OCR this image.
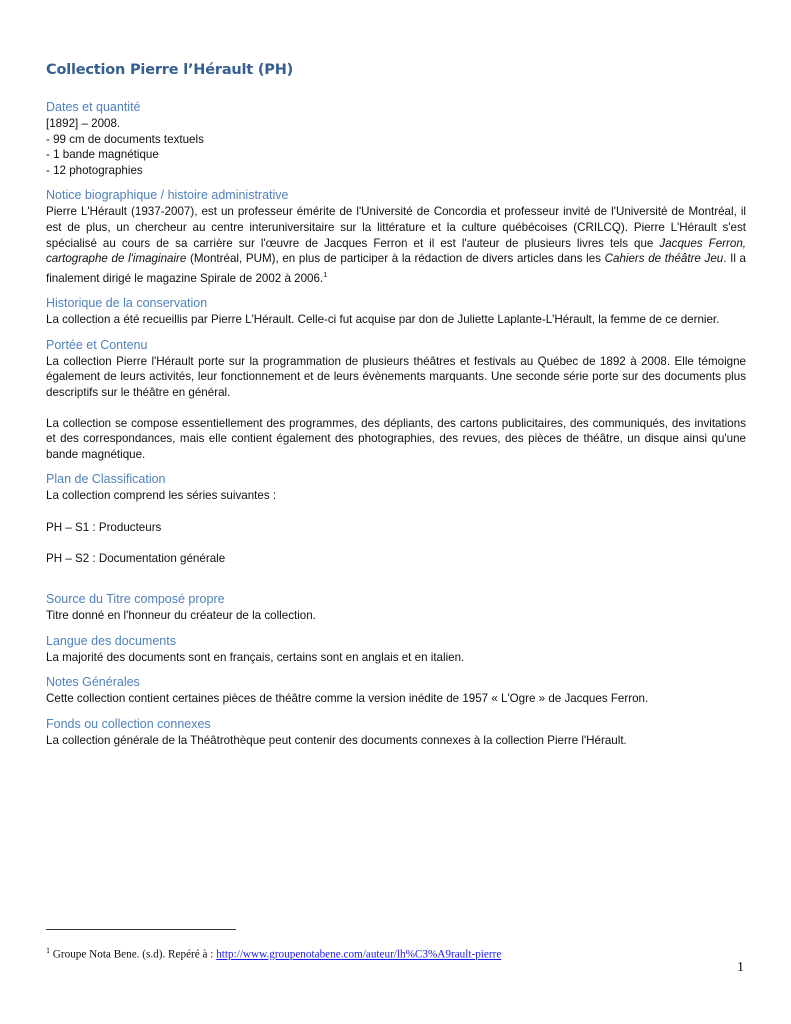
Collection Pierre l’Hérault (PH)
Dates et quantité

[1892] – 2008.

- 99 cm de documents textuels

- 1 bande magnétique

- 12 photographies

Notice biographique / histoire administrative

Pierre L'Hérault (1937-2007), est un professeur émérite de l'Université de Concordia et professeur invité de l'Université de Montréal, il est de plus, un chercheur au centre interuniversitaire sur la littérature et la culture québécoises (CRILCQ). Pierre L'Hérault s'est spécialisé au cours de sa carrière sur l'œuvre de Jacques Ferron et il est l'auteur de plusieurs livres tels que Jacques Ferron, cartographe de l'imaginaire (Montréal, PUM), en plus de participer à la rédaction de divers articles dans les Cahiers de théâtre Jeu. Il a finalement dirigé le magazine Spirale de 2002 à 2006.$^1$

Historique de la conservation

La collection a été recueillis par Pierre L'Hérault. Celle-ci fut acquise par don de Juliette Laplante-L'Hérault, la femme de ce dernier.

Portée et Contenu

La collection Pierre l'Hérault porte sur la programmation de plusieurs théâtres et festivals au Québec de 1892 à 2008. Elle témoigne également de leurs activités, leur fonctionnement et de leurs évènements marquants. Une seconde série porte sur des documents plus descriptifs sur le théâtre en général.

La collection se compose essentiellement des programmes, des dépliants, des cartons publicitaires, des communiqués, des invitations et des correspondances, mais elle contient également des photographies, des revues, des pièces de théâtre, un disque ainsi qu'une bande magnétique.

Plan de Classification

La collection comprend les séries suivantes :

PH – S1 : Producteurs

PH – S2 : Documentation générale

Source du Titre composé propre

Titre donné en l'honneur du créateur de la collection.

Langue des documents

La majorité des documents sont en français, certains sont en anglais et en italien.

Notes Générales

Cette collection contient certaines pièces de théâtre comme la version inédite de 1957 « L'Ogre » de Jacques Ferron.

Fonds ou collection connexes

La collection générale de la Théâtrothèque peut contenir des documents connexes à la collection Pierre l'Hérault.

$^1$ Groupe Nota Bene. (s.d). Repéré à : http://www.groupenotabene.com/auteur/lh%C3%A9rault-pierre
1
